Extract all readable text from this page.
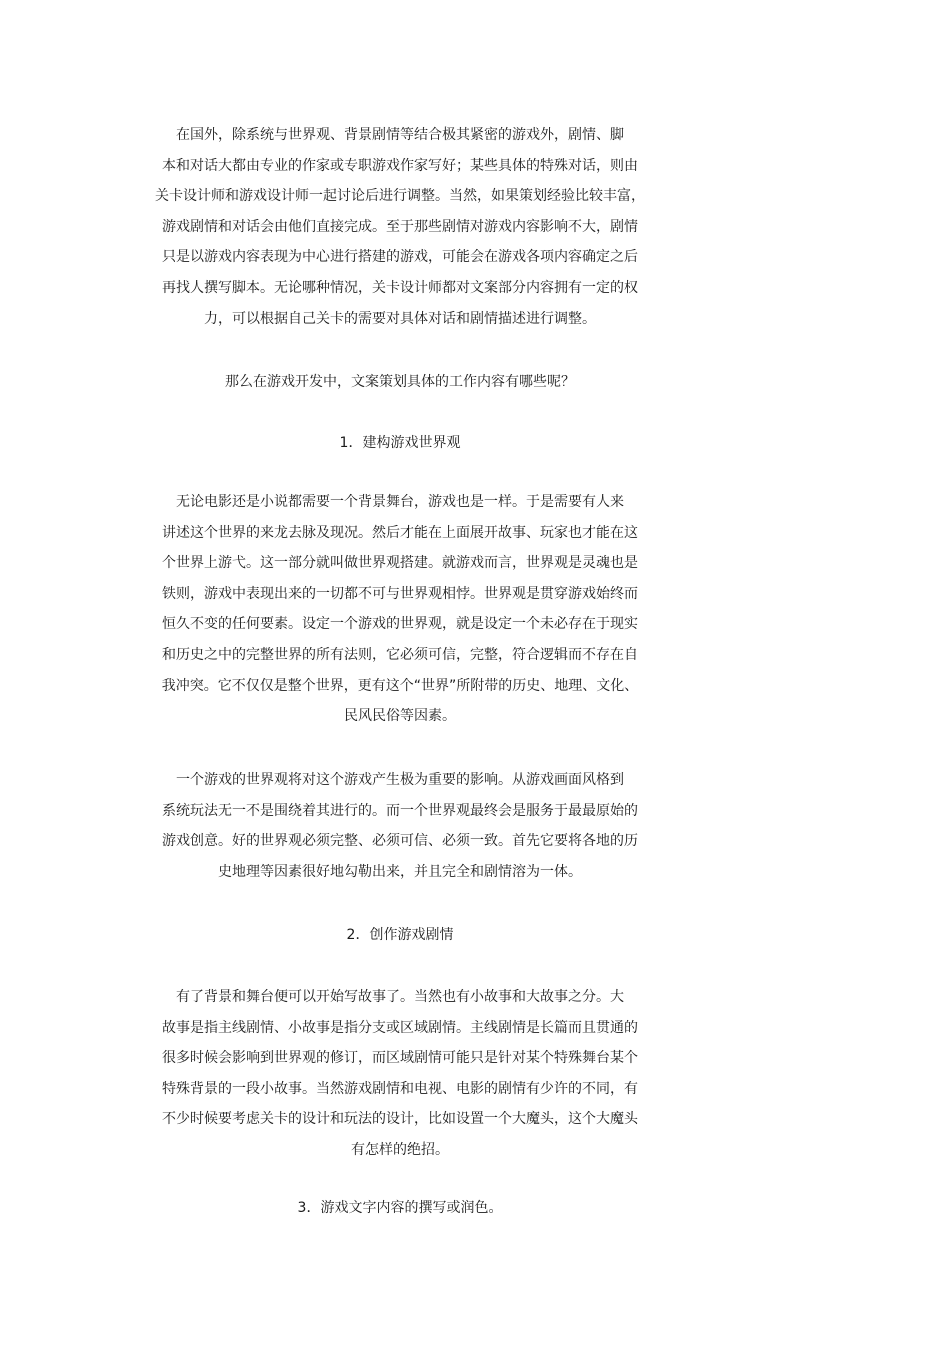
在国外，除系统与世界观、背景剧情等结合极其紧密的游戏外，剧情、脚
本和对话大都由专业的作家或专职游戏作家写好；某些具体的特殊对话，则由
关卡设计师和游戏设计师一起讨论后进行调整。当然，如果策划经验比较丰富，
游戏剧情和对话会由他们直接完成。至于那些剧情对游戏内容影响不大，剧情
只是以游戏内容表现为中心进行搭建的游戏，可能会在游戏各项内容确定之后
再找人撰写脚本。无论哪种情况，关卡设计师都对文案部分内容拥有一定的权
力，可以根据自己关卡的需要对具体对话和剧情描述进行调整。
那么在游戏开发中，文案策划具体的工作内容有哪些呢？
1．建构游戏世界观
无论电影还是小说都需要一个背景舞台，游戏也是一样。于是需要有人来
讲述这个世界的来龙去脉及现况。然后才能在上面展开故事、玩家也才能在这
个世界上游弋。这一部分就叫做世界观搭建。就游戏而言，世界观是灵魂也是
铁则，游戏中表现出来的一切都不可与世界观相悖。世界观是贯穿游戏始终而
恒久不变的任何要素。设定一个游戏的世界观，就是设定一个未必存在于现实
和历史之中的完整世界的所有法则，它必须可信，完整，符合逻辑而不存在自
我冲突。它不仅仅是整个世界，更有这个“世界”所附带的历史、地理、文化、
民风民俗等因素。
一个游戏的世界观将对这个游戏产生极为重要的影响。从游戏画面风格到
系统玩法无一不是围绕着其进行的。而一个世界观最终会是服务于最最原始的
游戏创意。好的世界观必须完整、必须可信、必须一致。首先它要将各地的历
史地理等因素很好地勾勒出来，并且完全和剧情溶为一体。
2．创作游戏剧情
有了背景和舞台便可以开始写故事了。当然也有小故事和大故事之分。大
故事是指主线剧情、小故事是指分支或区域剧情。主线剧情是长篇而且贯通的
很多时候会影响到世界观的修订，而区域剧情可能只是针对某个特殊舞台某个
特殊背景的一段小故事。当然游戏剧情和电视、电影的剧情有少许的不同，有
不少时候要考虑关卡的设计和玩法的设计，比如设置一个大魔头，这个大魔头
有怎样的绝招。
3．游戏文字内容的撰写或润色。
